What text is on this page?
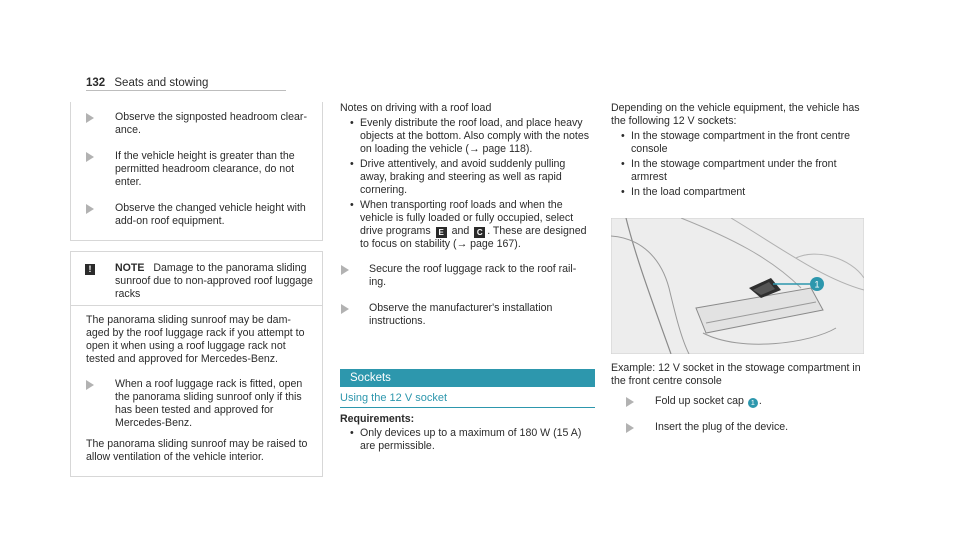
132 Seats and stowing
Observe the signposted headroom clear- ance.
If the vehicle height is greater than the permitted headroom clearance, do not enter.
Observe the changed vehicle height with add-on roof equipment.
!	NOTE Damage to the panorama sliding sunroof due to non-approved roof luggage racks
The panorama sliding sunroof may be dam- aged by the roof luggage rack if you attempt to open it when using a roof luggage rack not tested and approved for Mercedes-Benz.
When a roof luggage rack is fitted, open the panorama sliding sunroof only if this has been tested and approved for Mercedes-Benz.
The panorama sliding sunroof may be raised to allow ventilation of the vehicle interior.
Notes on driving with a roof load
• Evenly distribute the roof load, and place heavy objects at the bottom. Also comply with the notes on loading the vehicle (→ page 118).
• Drive attentively, and avoid suddenly pulling away, braking and steering as well as rapid cornering.
• When transporting roof loads and when the vehicle is fully loaded or fully occupied, select drive programs E and C . These are designed to focus on stability (→ page 167).
Secure the roof luggage rack to the roof rail- ing.
Observe the manufacturer's installation instructions.
Sockets
Using the 12 V socket
Requirements:
• Only devices up to a maximum of 180 W (15 A) are permissible.
Depending on the vehicle equipment, the vehicle has the following 12 V sockets:
• In the stowage compartment in the front centre console
• In the stowage compartment under the front armrest
• In the load compartment
1
Example: 12 V socket in the stowage compartment in the front centre console
Fold up socket cap 1 .
Insert the plug of the device.
